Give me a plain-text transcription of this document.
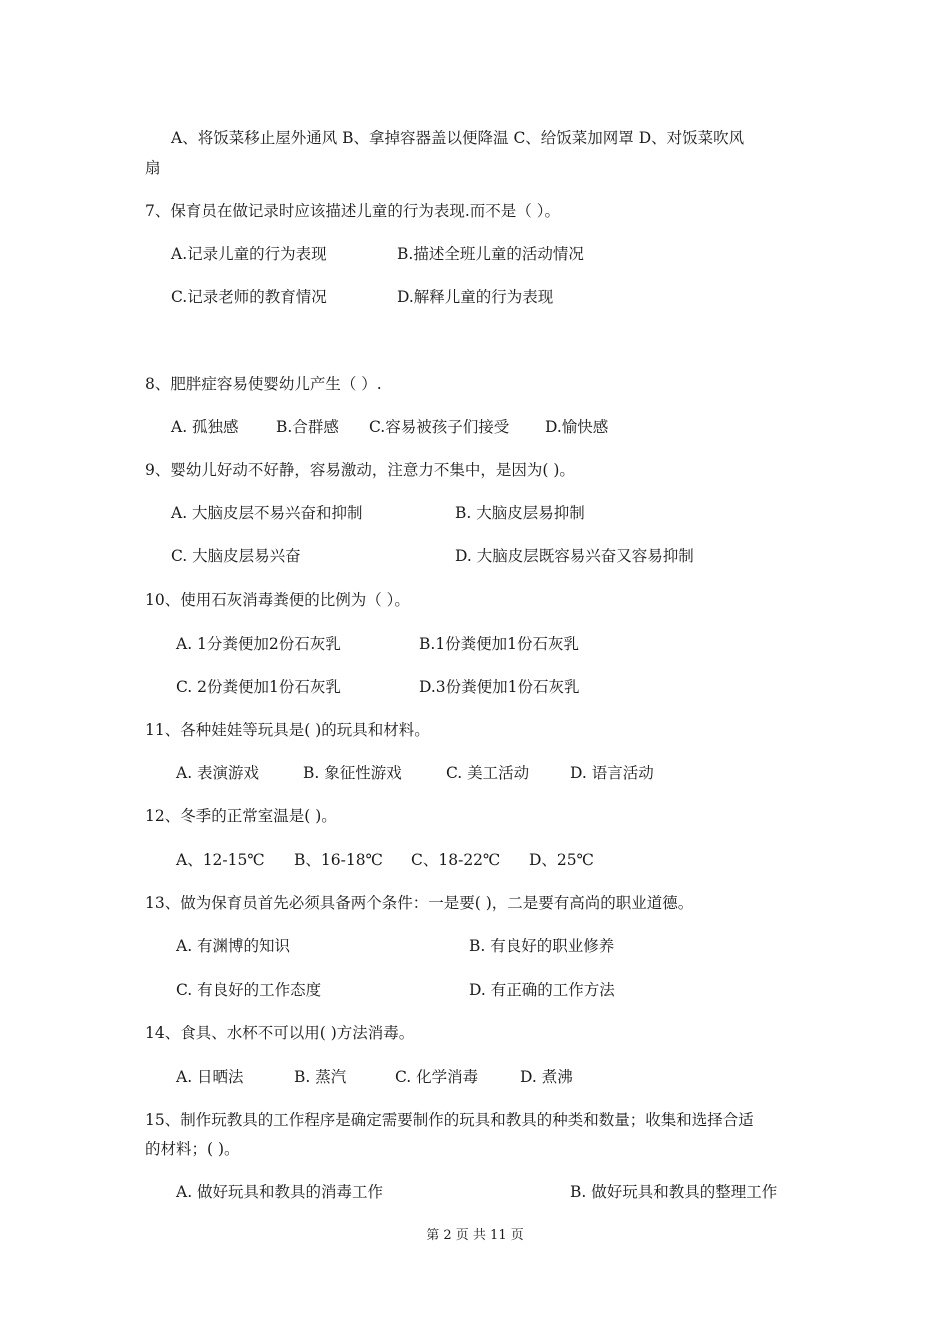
A、将饭菜移止屋外通风 B、拿掉容器盖以便降温 C、给饭菜加网罩 D、对饭菜吹风
扇
7、保育员在做记录时应该描述儿童的行为表现.而不是（ ）。
A.记录儿童的行为表现	B.描述全班儿童的活动情况
C.记录老师的教育情况	D.解释儿童的行为表现
8、肥胖症容易使婴幼儿产生（ ）.
A. 孤独感 B.合群感 C.容易被孩子们接受 D.愉快感
9、婴幼儿好动不好静，容易激动，注意力不集中，是因为( )。
A. 大脑皮层不易兴奋和抑制	B. 大脑皮层易抑制
C. 大脑皮层易兴奋	D. 大脑皮层既容易兴奋又容易抑制
10、使用石灰消毒粪便的比例为（ ）。
A. 1分粪便加2份石灰乳	B.1份粪便加1份石灰乳
C. 2份粪便加1份石灰乳	D.3份粪便加1份石灰乳
11、各种娃娃等玩具是( )的玩具和材料。
A. 表演游戏	B. 象征性游戏	C. 美工活动	D. 语言活动
12、冬季的正常室温是( )。
A、12-15℃ B、16-18℃ C、18-22℃ D、25℃
13、做为保育员首先必须具备两个条件：一是要( )，二是要有高尚的职业道德。
A. 有渊博的知识	B. 有良好的职业修养
C. 有良好的工作态度	D. 有正确的工作方法
14、食具、水杯不可以用( )方法消毒。
A. 日晒法	B. 蒸汽	C. 化学消毒	D. 煮沸
15、制作玩教具的工作程序是确定需要制作的玩具和教具的种类和数量；收集和选择合适
的材料；( )。
A. 做好玩具和教具的消毒工作	B. 做好玩具和教具的整理工作
第 2 页 共 11 页
